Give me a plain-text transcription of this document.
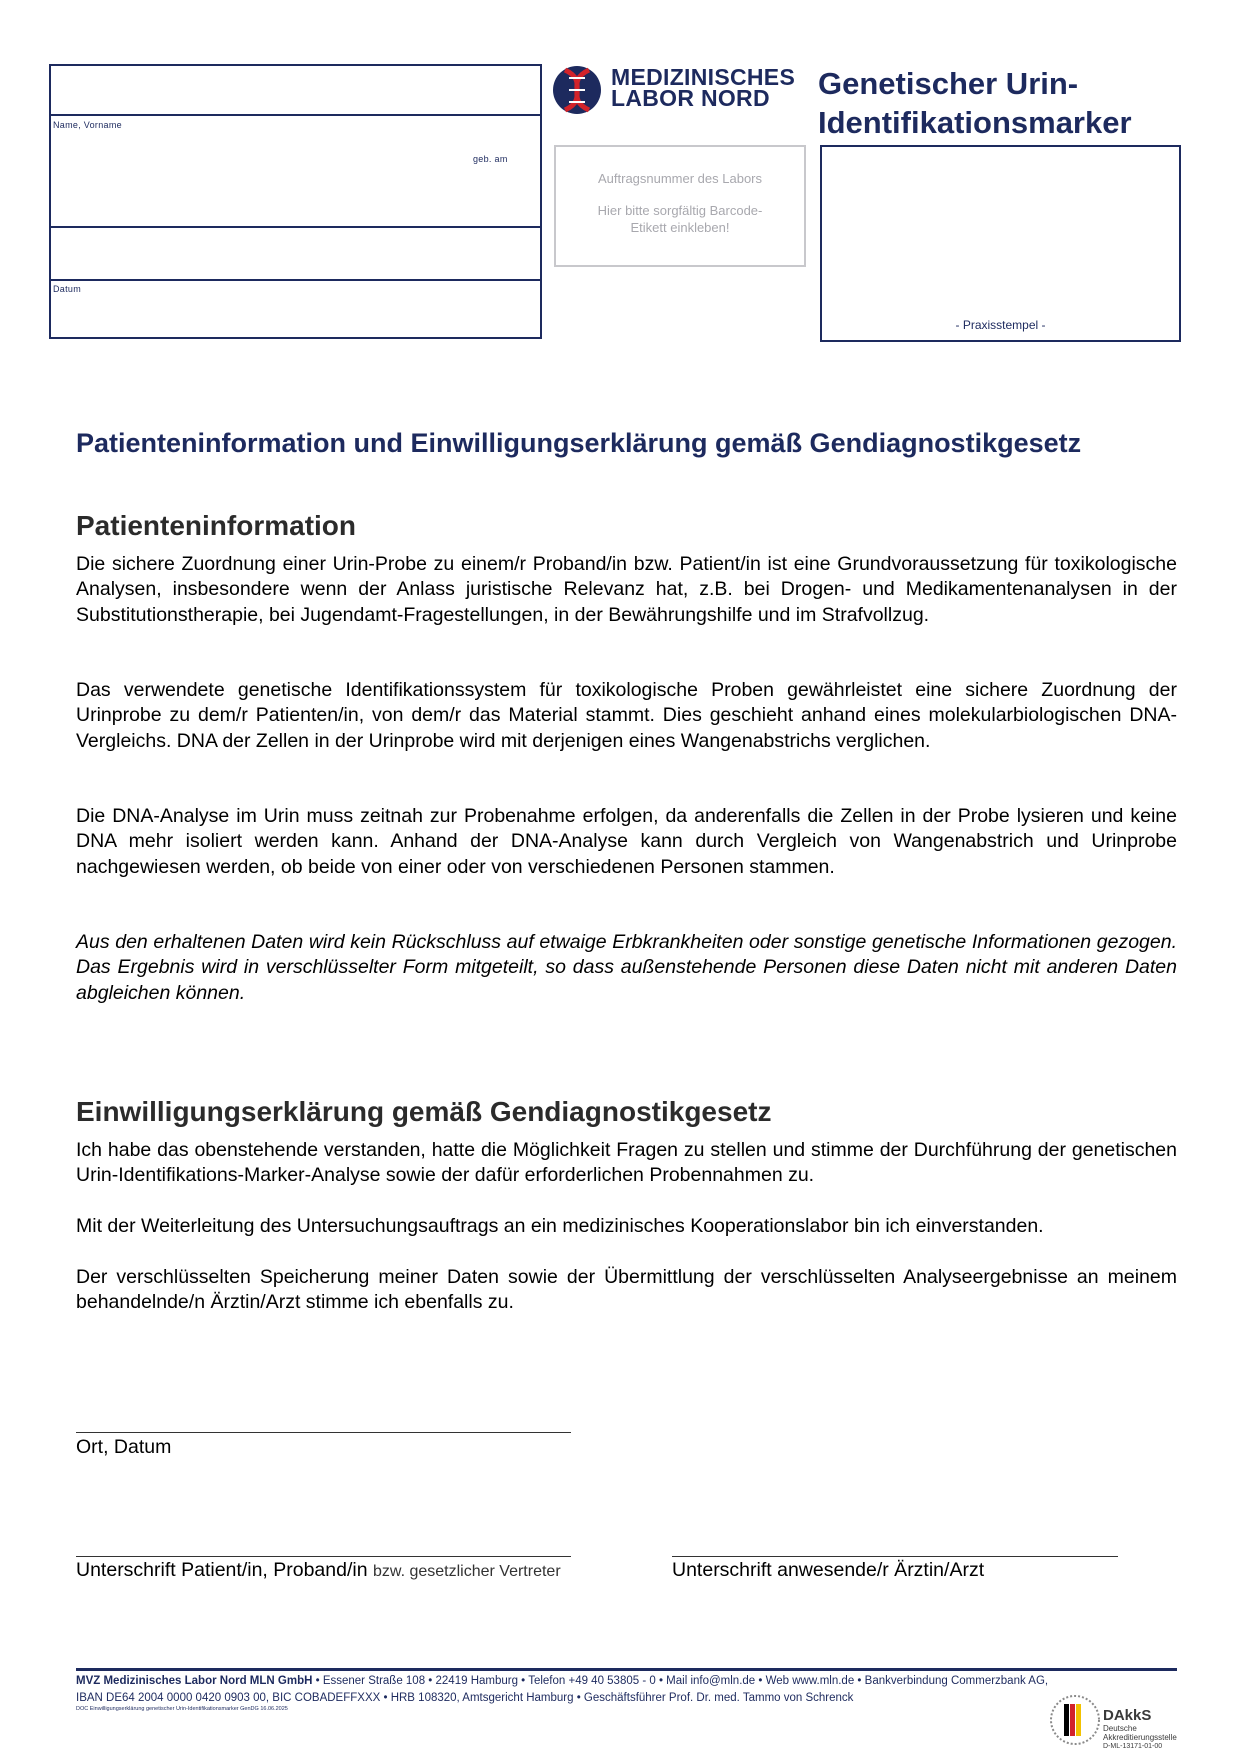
Name, Vorname
geb. am
Datum
MEDIZINISCHES
LABOR NORD	Genetischer Urin-Identifikationsmarker
Auftragsnummer des Labors
Hier bitte sorgfältig Barcode-Etikett einkleben!
- Praxisstempel -
Patienteninformation und Einwilligungserklärung gemäß Gendiagnostikgesetz
Patienteninformation
Die sichere Zuordnung einer Urin-Probe zu einem/r Proband/in bzw. Patient/in ist eine Grundvoraussetzung für toxikologische Analysen, insbesondere wenn der Anlass juristische Relevanz hat, z.B. bei Drogen- und Medikamentenanalysen in der Substitutionstherapie, bei Jugendamt-Fragestellungen, in der Bewährungshilfe und im Strafvollzug.
Das verwendete genetische Identifikationssystem für toxikologische Proben gewährleistet eine sichere Zuordnung der Urinprobe zu dem/r Patienten/in, von dem/r das Material stammt. Dies geschieht anhand eines molekularbiologischen DNA-Vergleichs. DNA der Zellen in der Urinprobe wird mit derjenigen eines Wangenabstrichs verglichen.
Die DNA-Analyse im Urin muss zeitnah zur Probenahme erfolgen, da anderenfalls die Zellen in der Probe lysieren und keine DNA mehr isoliert werden kann. Anhand der DNA-Analyse kann durch Vergleich von Wangenabstrich und Urinprobe nachgewiesen werden, ob beide von einer oder von verschiedenen Personen stammen.
Aus den erhaltenen Daten wird kein Rückschluss auf etwaige Erbkrankheiten oder sonstige genetische Informationen gezogen. Das Ergebnis wird in verschlüsselter Form mitgeteilt, so dass außenstehende Personen diese Daten nicht mit anderen Daten abgleichen können.
Einwilligungserklärung gemäß Gendiagnostikgesetz
Ich habe das obenstehende verstanden, hatte die Möglichkeit Fragen zu stellen und stimme der Durchführung der genetischen Urin-Identifikations-Marker-Analyse sowie der dafür erforderlichen Probennahmen zu.
Mit der Weiterleitung des Untersuchungsauftrags an ein medizinisches Kooperationslabor bin ich einverstanden.
Der verschlüsselten Speicherung meiner Daten sowie der Übermittlung der verschlüsselten Analyseergebnisse an meinem behandelnde/n Ärztin/Arzt stimme ich ebenfalls zu.
Ort, Datum
Unterschrift Patient/in, Proband/in bzw. gesetzlicher Vertreter	Unterschrift anwesende/r Ärztin/Arzt
MVZ Medizinisches Labor Nord MLN GmbH • Essener Straße 108 • 22419 Hamburg • Telefon +49 40 53805 - 0 • Mail info@mln.de • Web www.mln.de • Bankverbindung Commerzbank AG,
IBAN DE64 2004 0000 0420 0903 00, BIC COBADEFFXXX • HRB 108320, Amtsgericht Hamburg • Geschäftsführer Prof. Dr. med. Tammo von Schrenck
DOC Einwilligungserklärung genetischer Urin-Identifikationsmarker GenDG 16.06.2025	DAkkS
Deutsche
Akkreditierungsstelle
D-ML-13171-01-00
